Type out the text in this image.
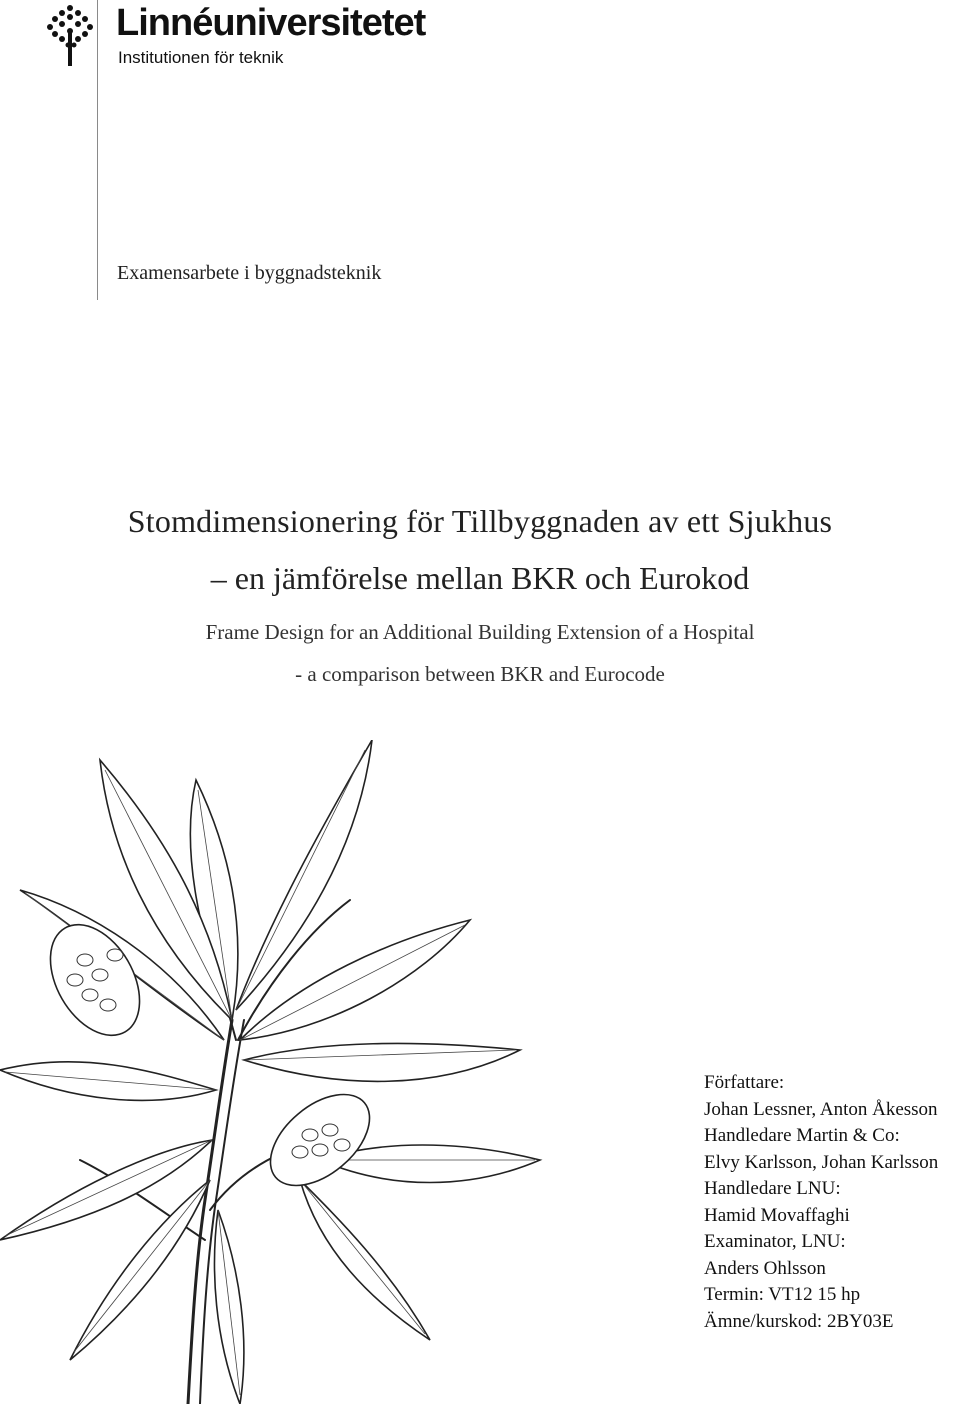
Linnéuniversitetet
Institutionen för teknik
Examensarbete i byggnadsteknik
Stomdimensionering för Tillbyggnaden av ett Sjukhus
– en jämförelse mellan BKR och Eurokod
Frame Design for an Additional Building Extension of a Hospital
- a comparison between BKR and Eurocode
Författare:
Johan Lessner, Anton Åkesson
Handledare Martin & Co:
Elvy Karlsson, Johan Karlsson
Handledare LNU:
Hamid Movaffaghi
Examinator, LNU:
Anders Ohlsson
Termin: VT12 15 hp
Ämne/kurskod: 2BY03E
